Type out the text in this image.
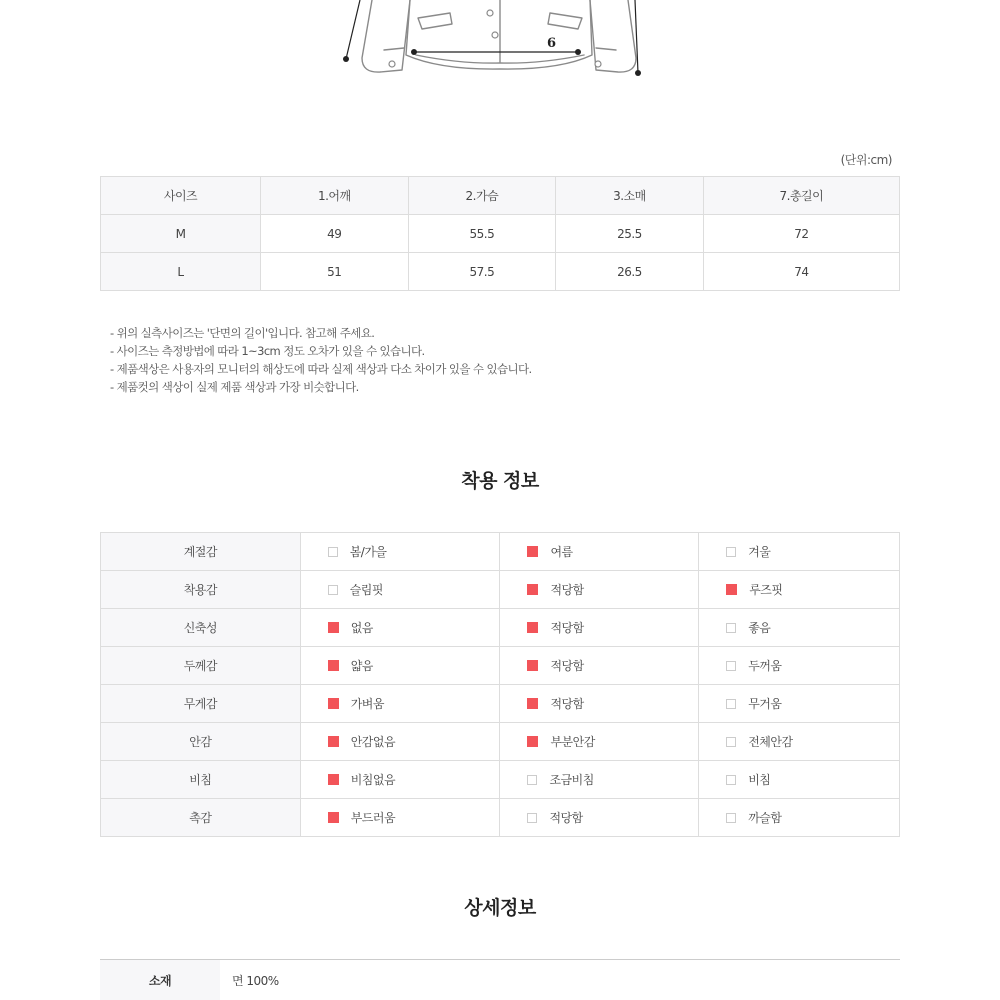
6
(단위:cm)
사이즈	1.어깨	2.가슴	3.소매	7.총길이
M	49	55.5	25.5	72
L	51	57.5	26.5	74
- 위의 실측사이즈는 '단면의 길이'입니다. 참고해 주세요.
- 사이즈는 측정방법에 따라 1~3cm 정도 오차가 있을 수 있습니다.
- 제품색상은 사용자의 모니터의 해상도에 따라 실제 색상과 다소 차이가 있을 수 있습니다.
- 제품컷의 색상이 실제 제품 색상과 가장 비슷합니다.
착용 정보
계절감	봄/가을	여름	겨울
착용감	슬림핏	적당함	루즈핏
신축성	없음	적당함	좋음
두께감	얇음	적당함	두꺼움
무게감	가벼움	적당함	무거움
안감	안감없음	부분안감	전체안감
비침	비침없음	조금비침	비침
촉감	부드러움	적당함	까슬함
상세정보
소재	면 100%
